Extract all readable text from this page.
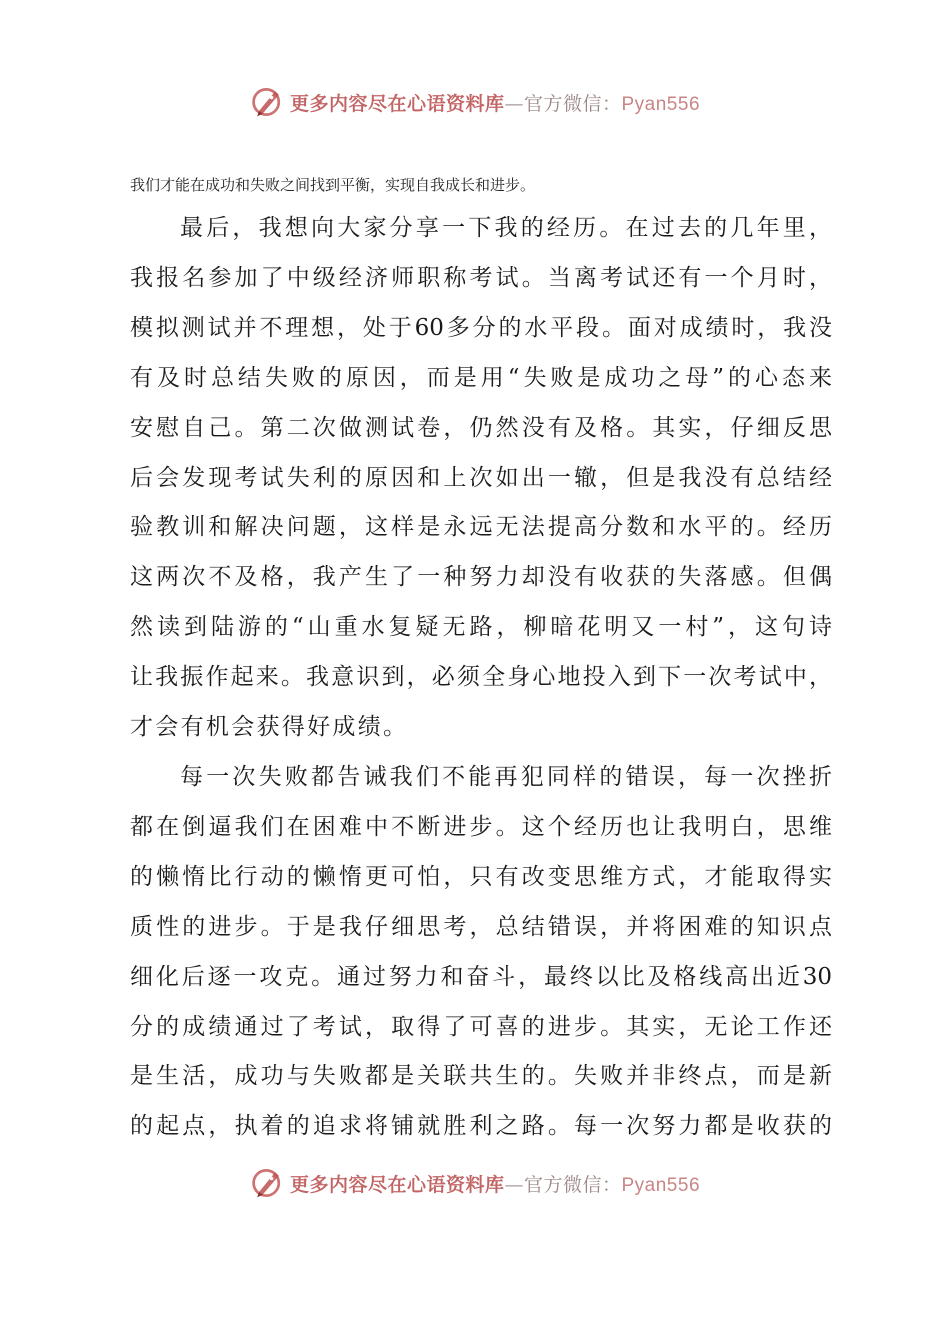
更多内容尽在心语资料库—官方微信：Pyan556
我们才能在成功和失败之间找到平衡，实现自我成长和进步。
最后，我想向大家分享一下我的经历。在过去的几年里，
我报名参加了中级经济师职称考试。当离考试还有一个月时，
模拟测试并不理想，处于60多分的水平段。面对成绩时，我没
有及时总结失败的原因，而是用“失败是成功之母”的心态来
安慰自己。第二次做测试卷，仍然没有及格。其实，仔细反思
后会发现考试失利的原因和上次如出一辙，但是我没有总结经
验教训和解决问题，这样是永远无法提高分数和水平的。经历
这两次不及格，我产生了一种努力却没有收获的失落感。但偶
然读到陆游的“山重水复疑无路，柳暗花明又一村”，这句诗
让我振作起来。我意识到，必须全身心地投入到下一次考试中，
才会有机会获得好成绩。
每一次失败都告诫我们不能再犯同样的错误，每一次挫折
都在倒逼我们在困难中不断进步。这个经历也让我明白，思维
的懒惰比行动的懒惰更可怕，只有改变思维方式，才能取得实
质性的进步。于是我仔细思考，总结错误，并将困难的知识点
细化后逐一攻克。通过努力和奋斗，最终以比及格线高出近30
分的成绩通过了考试，取得了可喜的进步。其实，无论工作还
是生活，成功与失败都是关联共生的。失败并非终点，而是新
的起点，执着的追求将铺就胜利之路。每一次努力都是收获的
更多内容尽在心语资料库—官方微信：Pyan556
